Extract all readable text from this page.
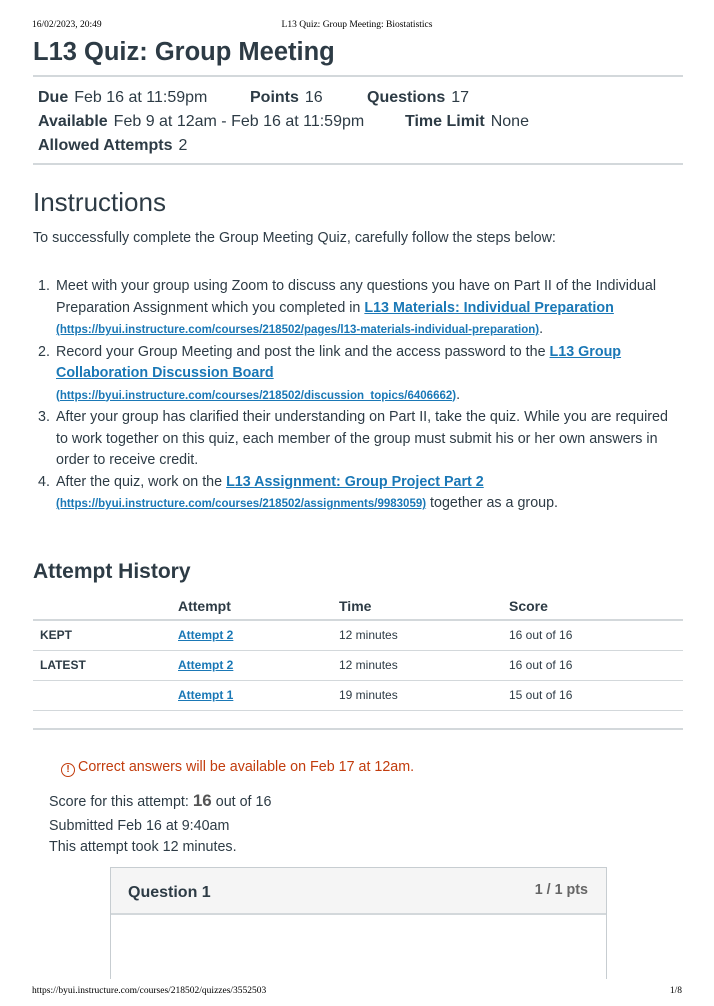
16/02/2023, 20:49	L13 Quiz: Group Meeting: Biostatistics
L13 Quiz: Group Meeting
Due Feb 16 at 11:59pm	Points 16	Questions 17
Available Feb 9 at 12am - Feb 16 at 11:59pm	Time Limit None
Allowed Attempts 2
Instructions

To successfully complete the Group Meeting Quiz, carefully follow the steps below:

1. Meet with your group using Zoom to discuss any questions you have on Part II of the Individual Preparation Assignment which you completed in L13 Materials: Individual Preparation
(https://byui.instructure.com/courses/218502/pages/l13-materials-individual-preparation).
2. Record your Group Meeting and post the link and the access password to the L13 Group Collaboration Discussion Board
(https://byui.instructure.com/courses/218502/discussion_topics/6406662).
3. After your group has clarified their understanding on Part II, take the quiz. While you are required to work together on this quiz, each member of the group must submit his or her own answers in order to receive credit.
4. After the quiz, work on the L13 Assignment: Group Project Part 2
(https://byui.instructure.com/courses/218502/assignments/9983059) together as a group.
Attempt History
	Attempt	Time	Score
KEPT	Attempt 2	12 minutes	16 out of 16
LATEST	Attempt 2	12 minutes	16 out of 16
	Attempt 1	19 minutes	15 out of 16

! Correct answers will be available on Feb 17 at 12am.
Score for this attempt: 16 out of 16
Submitted Feb 16 at 9:40am
This attempt took 12 minutes.
Question 1	1 / 1 pts
https://byui.instructure.com/courses/218502/quizzes/3552503	1/8
